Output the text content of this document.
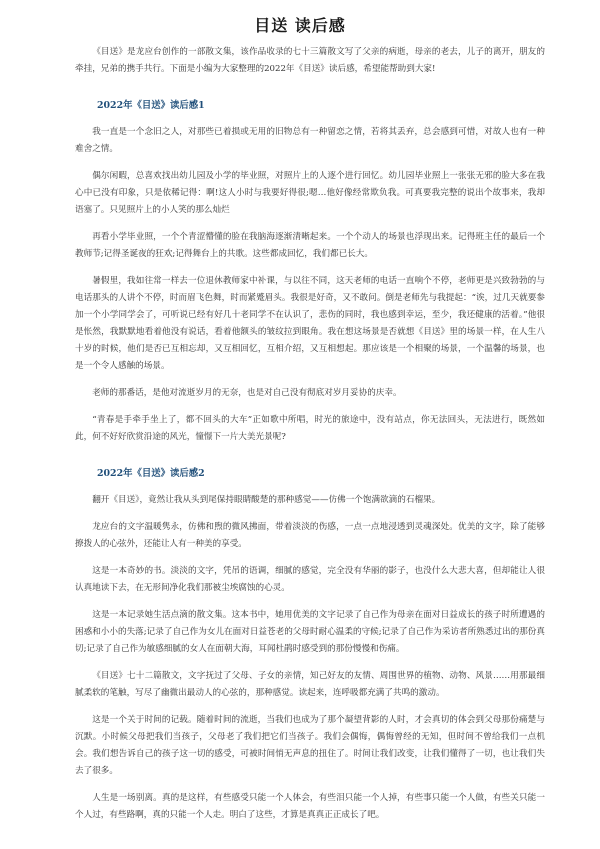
目送 读后感

《目送》是龙应台创作的一部散文集，该作品收录的七十三篇散文写了父亲的病逝，母亲的老去，儿子的离开，朋友的牵挂，兄弟的携手共行。下面是小编为大家整理的2022年《目送》读后感，希望能帮助到大家!

2022年《目送》读后感1

我一直是一个念旧之人，对那些已着损或无用的旧物总有一种留恋之情，若将其丢弃，总会感到可惜，对故人也有一种难舍之情。

偶尔闲暇，总喜欢找出幼儿园及小学的毕业照，对照片上的人逐个进行回忆。幼儿园毕业照上一张张无邪的脸大多在我心中已没有印象，只是依稀记得：啊!这人小时与我要好得很;嗯…他好像经常欺负我。可真要我完整的说出个故事来，我却语塞了。只见照片上的小人笑的那么灿烂

再看小学毕业照，一个个青涩懵懂的脸在我脑海逐渐清晰起来。一个个动人的场景也浮现出来。记得班主任的最后一个教师节;记得圣诞夜的狂欢;记得舞台上的共歌。这些都成回忆，我们都已长大。

暑假里，我如往常一样去一位退休教师家中补课，与以往不同，这天老师的电话一直响个不停，老师更是兴致勃勃的与电话那头的人讲个不停，时而眉飞色舞，时而紧蹙眉头。我很是好奇，又不敢问。倒是老师先与我提起：“诶，过几天就要参加一个小学同学会了，可听说已经有好几十老同学不在认识了，悲伤的同时，我也感到幸运，至少，我还健康的活着。”他很是怅然，我默默地看着他没有说话，看着他额头的皱纹拉到眼角。我在想这场景是否就想《目送》里的场景一样，在人生八十岁的时候，他们是否已互相忘却，又互相回忆，互相介绍，又互相想起。那应该是一个相聚的场景，一个温馨的场景，也是一个令人感触的场景。

老师的那番话，是他对流逝岁月的无奈，也是对自己没有彻底对岁月妥协的庆幸。

“青春是手牵手坐上了，都不回头的大车”正如歌中所唱，时光的旅途中，没有站点，你无法回头，无法进行，既然如此，何不好好欣赏沿途的风光，憧憬下一片大美光景呢?

2022年《目送》读后感2

翻开《目送》，竟然让我从头到尾保持眼睛酸楚的那种感觉——仿佛一个饱满欲滴的石榴果。

龙应台的文字温暖隽永，仿佛和煦的微风拂面，带着淡淡的伤感，一点一点地浸透到灵魂深处。优美的文字，除了能够撩拨人的心弦外，还能让人有一种美的享受。

这是一本奇妙的书。淡淡的文字，凭吊的语调，细腻的感觉，完全没有华丽的影子，也没什么大悲大喜，但却能让人很认真地读下去，在无形间净化我们那被尘埃腐蚀的心灵。

这是一本记录她生活点滴的散文集。这本书中，她用优美的文字记录了自己作为母亲在面对日益成长的孩子时所遭遇的困惑和小小的失落;记录了自己作为女儿在面对日益苍老的父母时耐心温柔的守候;记录了自己作为采访者所熟悉过出的那份真切;记录了自己作为敏感细腻的女人在面朝大海，耳闻杜鹃时感受到的那份慢慢和伤痛。

《目送》七十二篇散文，文字抚过了父母、子女的亲情，知己好友的友情、周围世界的植物、动物、风景……用那最细腻柔软的笔触，写尽了幽微出最动人的心弦的，那种感觉。读起来，连呼吸都充满了共鸣的激动。

这是一个关于时间的记载。随着时间的流逝，当我们也成为了那个凝望背影的人时，才会真切的体会到父母那份痛楚与沉默。小时候父母把我们当孩子，父母老了我们把它们当孩子。我们会偶悔，偶悔曾经的无知，但时间不曾给我们一点机会。我们想告诉自己的孩子这一切的感受，可被时间悄无声息的扭住了。时间让我们改变，让我们懂得了一切，也让我们失去了很多。

人生是一场别离。真的是这样，有些感受只能一个人体会，有些泪只能一个人掉，有些事只能一个人做，有些关只能一个人过，有些路啊，真的只能一个人走。明白了这些，才算是真真正正成长了吧。
